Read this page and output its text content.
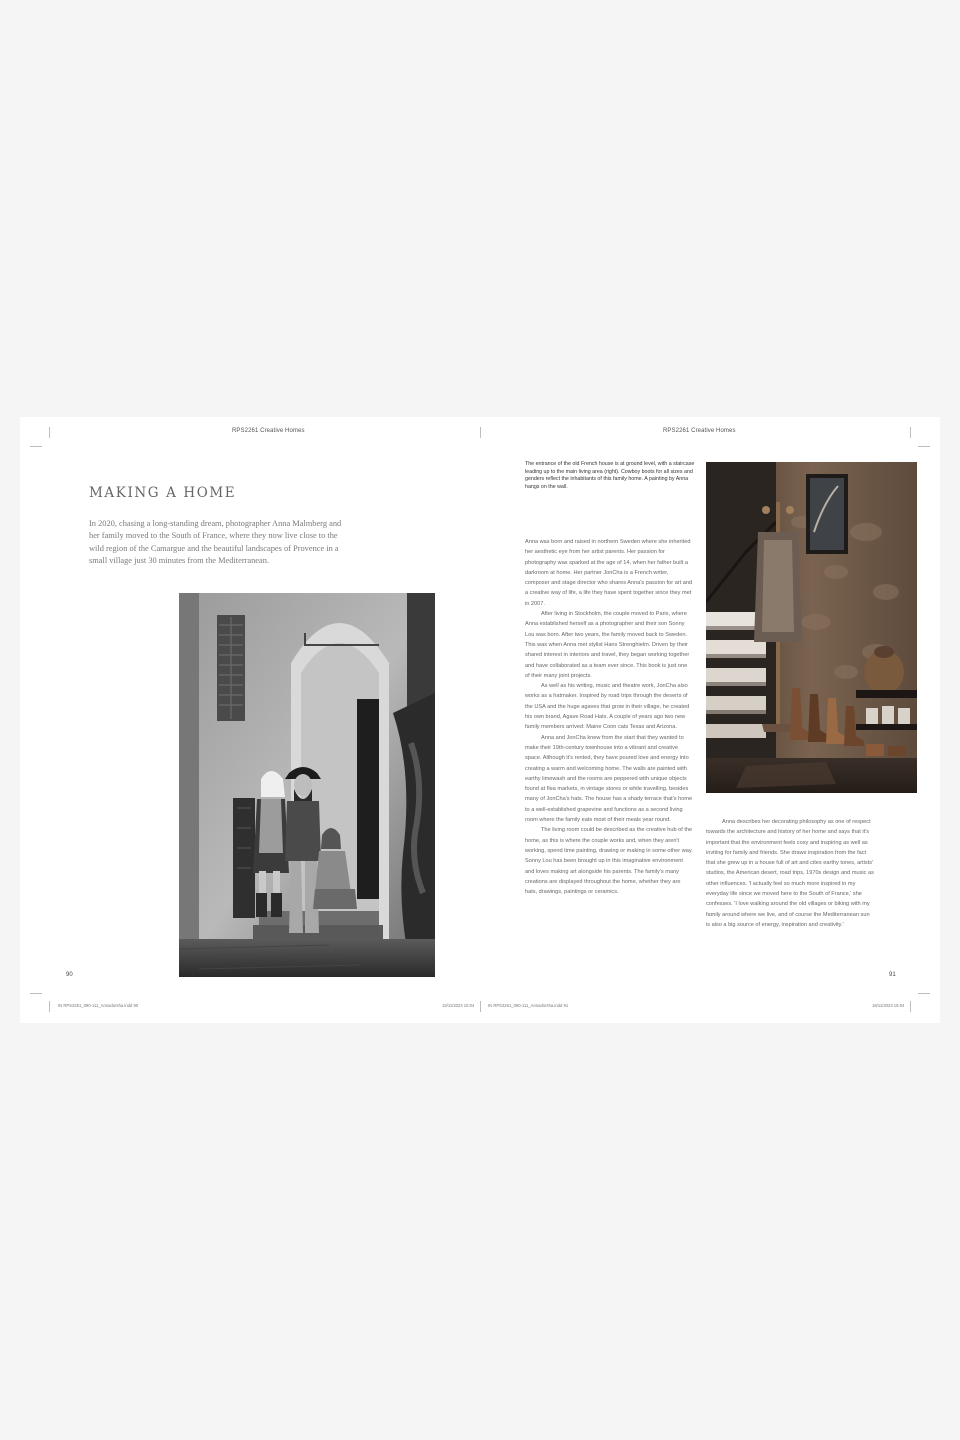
RPS2261 Creative Homes	RPS2261 Creative Homes
MAKING A HOME

In 2020, chasing a long-standing dream, photographer Anna Malmberg and her family moved to the South of France, where they now live close to the wild region of the Camargue and the beautiful landscapes of Provence in a small village just 30 minutes from the Mediterranean.

90
IN RPS2261_090-111_Annadorsha.indd 90	19/11/2023 15:04

The entrance of the old French house is at ground level, with a staircase leading up to the main living area (right). Cowboy boots for all sizes and genders reflect the inhabitants of this family home. A painting by Anna hangs on the wall.

Anna was born and raised in northern Sweden where she inherited her aesthetic eye from her artist parents. Her passion for photography was sparked at the age of 14, when her father built a darkroom at home. Her partner JonCha is a French writer, composer and stage director who shares Anna's passion for art and a creative way of life, a life they have spent together since they met in 2007.

After living in Stockholm, the couple moved to Paris, where Anna established herself as a photographer and their son Sonny Lou was born. After two years, the family moved back to Sweden. This was when Anna met stylist Hans Strenghielm. Driven by their shared interest in interiors and travel, they began working together and have collaborated as a team ever since. This book is just one of their many joint projects.

As well as his writing, music and theatre work, JonCha also works as a hatmaker. Inspired by road trips through the deserts of the USA and the huge agaves that grow in their village, he created his own brand, Agave Road Hats. A couple of years ago two new family members arrived: Maine Coon cats Texas and Arizona.

Anna and JonCha knew from the start that they wanted to make their 19th-century townhouse into a vibrant and creative space. Although it's rented, they have poured love and energy into creating a warm and welcoming home. The walls are painted with earthy limewash and the rooms are peppered with unique objects found at flea markets, in vintage stores or while travelling, besides many of JonCha's hats. The house has a shady terrace that's home to a well-established grapevine and functions as a second living room where the family eats most of their meals year round.

The living room could be described as the creative hub of the home, as this is where the couple works and, when they aren't working, spend time painting, drawing or making in some other way. Sonny Lou has been brought up in this imaginative environment and loves making art alongside his parents. The family's many creations are displayed throughout the home, whether they are hats, drawings, paintings or ceramics.

Anna describes her decorating philosophy as one of respect towards the architecture and history of her home and says that it's important that the environment feels cosy and inspiring as well as inviting for family and friends. She draws inspiration from the fact that she grew up in a house full of art and cites earthy tones, artists' studios, the American desert, road trips, 1970s design and music as other influences. 'I actually feel so much more inspired in my everyday life since we moved here to the South of France,' she confesses. 'I love walking around the old villages or biking with my family around where we live, and of course the Mediterranean sun is also a big source of energy, inspiration and creativity.'

91
IN RPS2261_090-111_Annadorsha.indd 91	19/11/2023 15:04
